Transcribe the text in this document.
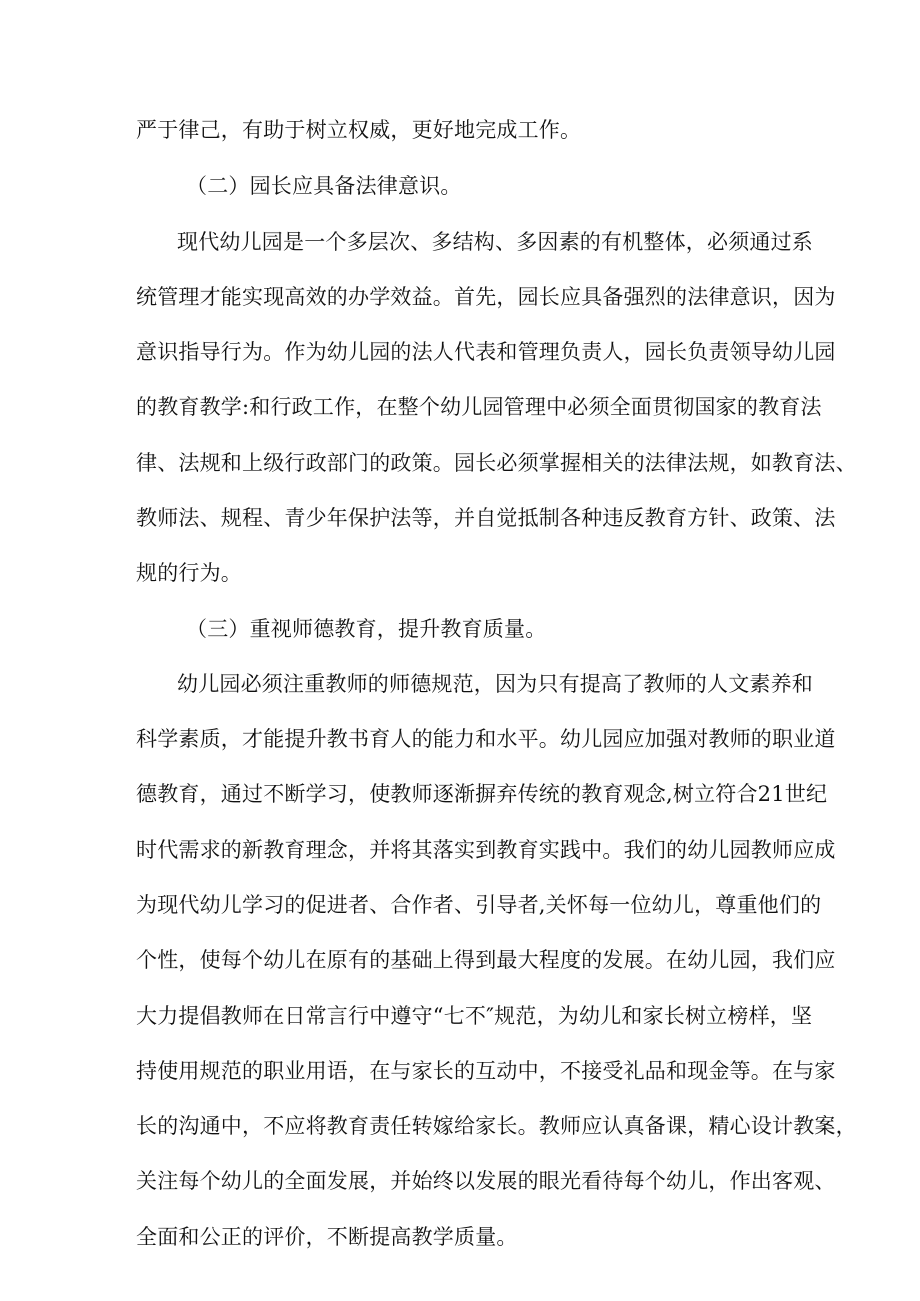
严于律己，有助于树立权威，更好地完成工作。
（二）园长应具备法律意识。
现代幼儿园是一个多层次、多结构、多因素的有机整体，必须通过系
统管理才能实现高效的办学效益。首先，园长应具备强烈的法律意识，因为
意识指导行为。作为幼儿园的法人代表和管理负责人，园长负责领导幼儿园
的教育教学:和行政工作，在整个幼儿园管理中必须全面贯彻国家的教育法
律、法规和上级行政部门的政策。园长必须掌握相关的法律法规，如教育法、
教师法、规程、青少年保护法等，并自觉抵制各种违反教育方针、政策、法
规的行为。
（三）重视师德教育，提升教育质量。
幼儿园必须注重教师的师德规范，因为只有提高了教师的人文素养和
科学素质，才能提升教书育人的能力和水平。幼儿园应加强对教师的职业道
德教育，通过不断学习，使教师逐渐摒弃传统的教育观念,树立符合21世纪
时代需求的新教育理念，并将其落实到教育实践中。我们的幼儿园教师应成
为现代幼儿学习的促进者、合作者、引导者,关怀每一位幼儿，尊重他们的
个性，使每个幼儿在原有的基础上得到最大程度的发展。在幼儿园，我们应
大力提倡教师在日常言行中遵守“七不″规范，为幼儿和家长树立榜样，坚
持使用规范的职业用语，在与家长的互动中，不接受礼品和现金等。在与家
长的沟通中，不应将教育责任转嫁给家长。教师应认真备课，精心设计教案，
关注每个幼儿的全面发展，并始终以发展的眼光看待每个幼儿，作出客观、
全面和公正的评价，不断提高教学质量。
